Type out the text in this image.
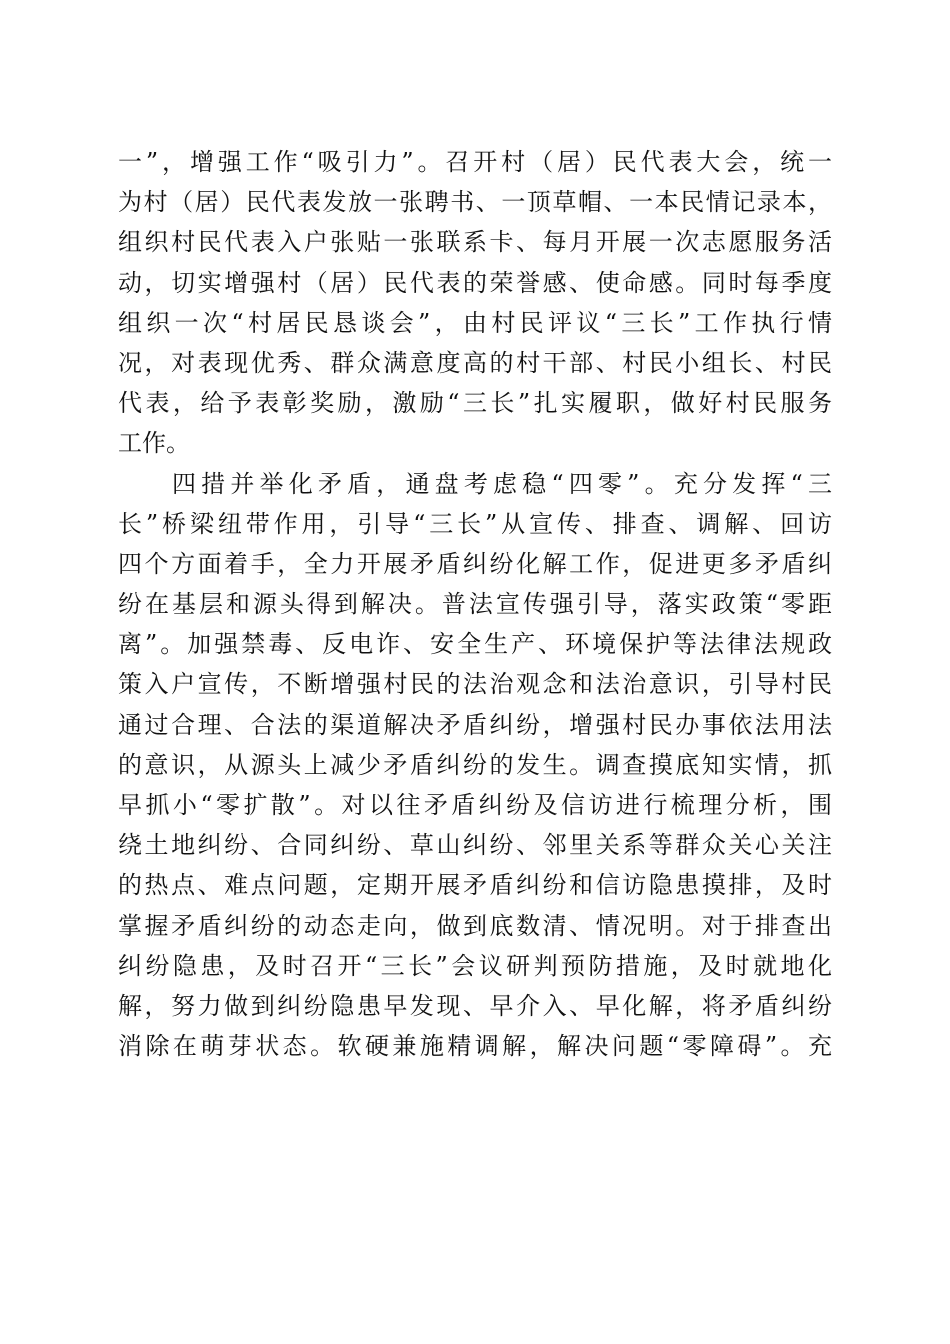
一”，增强工作“吸引力”。召开村（居）民代表大会，统一
为村（居）民代表发放一张聘书、一顶草帽、一本民情记录本，
组织村民代表入户张贴一张联系卡、每月开展一次志愿服务活
动，切实增强村（居）民代表的荣誉感、使命感。同时每季度
组织一次“村居民恳谈会”，由村民评议“三长”工作执行情
况，对表现优秀、群众满意度高的村干部、村民小组长、村民
代表，给予表彰奖励，激励“三长”扎实履职，做好村民服务
工作。
四措并举化矛盾，通盘考虑稳“四零”。充分发挥“三
长”桥梁纽带作用，引导“三长”从宣传、排查、调解、回访
四个方面着手，全力开展矛盾纠纷化解工作，促进更多矛盾纠
纷在基层和源头得到解决。普法宣传强引导，落实政策“零距
离”。加强禁毒、反电诈、安全生产、环境保护等法律法规政
策入户宣传，不断增强村民的法治观念和法治意识，引导村民
通过合理、合法的渠道解决矛盾纠纷，增强村民办事依法用法
的意识，从源头上减少矛盾纠纷的发生。调查摸底知实情，抓
早抓小“零扩散”。对以往矛盾纠纷及信访进行梳理分析，围
绕土地纠纷、合同纠纷、草山纠纷、邻里关系等群众关心关注
的热点、难点问题，定期开展矛盾纠纷和信访隐患摸排，及时
掌握矛盾纠纷的动态走向，做到底数清、情况明。对于排查出
纠纷隐患，及时召开“三长”会议研判预防措施，及时就地化
解，努力做到纠纷隐患早发现、早介入、早化解，将矛盾纠纷
消除在萌芽状态。软硬兼施精调解，解决问题“零障碍”。充
